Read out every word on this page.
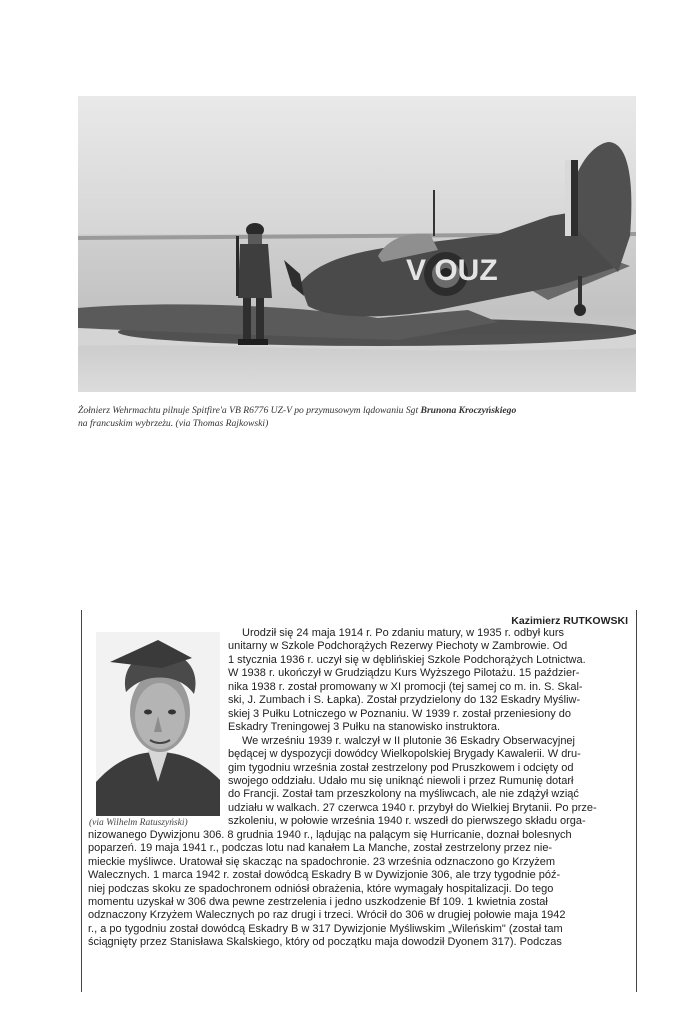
V OUZ
Żołnierz Wehrmachtu pilnuje Spitfire'a VB R6776 UZ-V po przymusowym lądowaniu Sgt Brunona Kroczyńskiego
na francuskim wybrzeżu. (via Thomas Rajkowski)
Kazimierz RUTKOWSKI
(via Wilhelm Ratuszyński)
Urodził się 24 maja 1914 r. Po zdaniu matury, w 1935 r. odbył kurs
unitarny w Szkole Podchorążych Rezerwy Piechoty w Zambrowie. Od
1 stycznia 1936 r. uczył się w dęblińskiej Szkole Podchorążych Lotnictwa.
W 1938 r. ukończył w Grudziądzu Kurs Wyższego Pilotażu. 15 paździer-
nika 1938 r. został promowany w XI promocji (tej samej co m. in. S. Skal-
ski, J. Zumbach i S. Łapka). Został przydzielony do 132 Eskadry Myśliw-
skiej 3 Pułku Lotniczego w Poznaniu. W 1939 r. został przeniesiony do
Eskadry Treningowej 3 Pułku na stanowisko instruktora.
We wrześniu 1939 r. walczył w II plutonie 36 Eskadry Obserwacyjnej
będącej w dyspozycji dowódcy Wielkopolskiej Brygady Kawalerii. W dru-
gim tygodniu września został zestrzelony pod Pruszkowem i odcięty od
swojego oddziału. Udało mu się uniknąć niewoli i przez Rumunię dotarł
do Francji. Został tam przeszkolony na myśliwcach, ale nie zdążył wziąć
udziału w walkach. 27 czerwca 1940 r. przybył do Wielkiej Brytanii. Po prze-
szkoleniu, w połowie września 1940 r. wszedł do pierwszego składu orga-
nizowanego Dywizjonu 306. 8 grudnia 1940 r., lądując na palącym się Hurricanie, doznał bolesnych
poparzeń. 19 maja 1941 r., podczas lotu nad kanałem La Manche, został zestrzelony przez nie-
mieckie myśliwce. Uratował się skacząc na spadochronie. 23 września odznaczono go Krzyżem
Walecznych. 1 marca 1942 r. został dowódcą Eskadry B w Dywizjonie 306, ale trzy tygodnie póź-
niej podczas skoku ze spadochronem odniósł obrażenia, które wymagały hospitalizacji. Do tego
momentu uzyskał w 306 dwa pewne zestrzelenia i jedno uszkodzenie Bf 109. 1 kwietnia został
odznaczony Krzyżem Walecznych po raz drugi i trzeci. Wrócił do 306 w drugiej połowie maja 1942
r., a po tygodniu został dowódcą Eskadry B w 317 Dywizjonie Myśliwskim „Wileńskim" (został tam
ściągnięty przez Stanisława Skalskiego, który od początku maja dowodził Dyonem 317). Podczas
